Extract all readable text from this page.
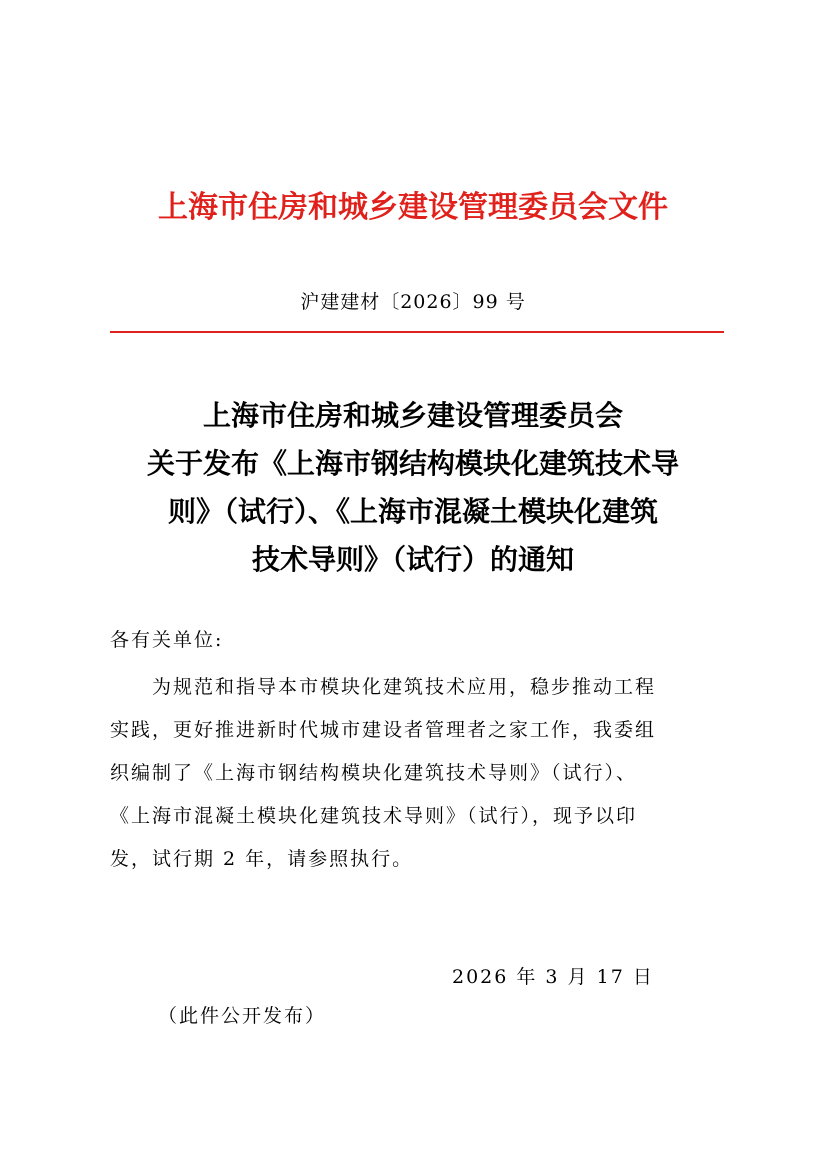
上海市住房和城乡建设管理委员会文件
沪建建材〔2026〕99 号
上海市住房和城乡建设管理委员会
关于发布《上海市钢结构模块化建筑技术导
则》（试行）、《上海市混凝土模块化建筑
技术导则》（试行）的通知
各有关单位:
为规范和指导本市模块化建筑技术应用，稳步推动工程
实践，更好推进新时代城市建设者管理者之家工作，我委组
织编制了《上海市钢结构模块化建筑技术导则》（试行）、
《上海市混凝土模块化建筑技术导则》（试行），现予以印
发，试行期 2 年，请参照执行。
2026 年 3 月 17 日
（此件公开发布）
